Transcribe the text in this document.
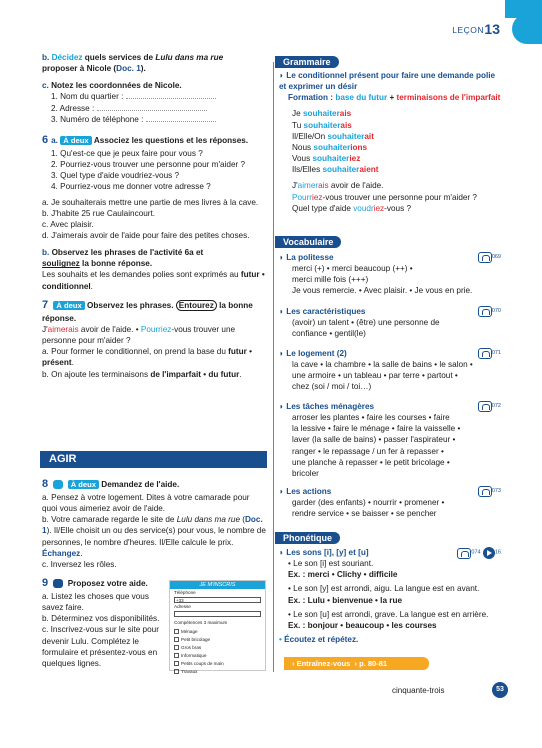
LEÇON 13
b. Décidez quels services de Lulu dans ma rue
proposer à Nicole (Doc. 1).
c. Notez les coordonnées de Nicole.
1. Nom du quartier :
2. Adresse :
3. Numéro de téléphone :
6 a. À deux Associez les questions et les réponses.
1. Qu'est-ce que je peux faire pour vous ?
2. Pourriez-vous trouver une personne pour m'aider ?
3. Quel type d'aide voudriez-vous ?
4. Pourriez-vous me donner votre adresse ?
a. Je souhaiterais mettre une partie de mes livres à la cave.
b. J'habite 25 rue Caulaincourt.
c. Avec plaisir.
d. J'aimerais avoir de l'aide pour faire des petites choses.
b. Observez les phrases de l'activité 6a et
soulignez la bonne réponse.
Les souhaits et les demandes polies sont exprimés au futur • conditionnel.
7 À deux Observez les phrases. Entourez la bonne réponse.
J'aimerais avoir de l'aide. • Pourriez-vous trouver une personne pour m'aider ?
a. Pour former le conditionnel, on prend la base du futur • présent.
b. On ajoute les terminaisons de l'imparfait • du futur.
AGIR
8	À deux Demandez de l'aide.
a. Pensez à votre logement. Dites à votre camarade pour quoi vous aimeriez avoir de l'aide.
b. Votre camarade regarde le site de Lulu dans ma rue (Doc. 1). Il/Elle choisit un ou des service(s) pour vous, le nombre de personnes, le nombre d'heures. Il/Elle calcule le prix. Échangez.
c. Inversez les rôles.
9 Proposez votre aide.
a. Listez les choses que vous savez faire.
b. Déterminez vos disponibilités.
c. Inscrivez-vous sur le site pour devenir Lulu. Complétez le formulaire et présentez-vous en quelques lignes.
JE M'INSCRIS
Téléphone
+33
Adresse
Compétences 3 maximum
Ménage
Petit bricolage
Gros bras
Informatique
Petits coups de main
Travaux
Grammaire
◗ Le conditionnel présent pour faire une demande polie et exprimer un désir
Formation : base du futur + terminaisons de l'imparfait
Je souhaiterais
Tu souhaiterais
Il/Elle/On souhaiterait
Nous souhaiterions
Vous souhaiteriez
Ils/Elles souhaiteraient
J'aimerais avoir de l'aide.
Pourriez-vous trouver une personne pour m'aider ?
Quel type d'aide voudriez-vous ?
Vocabulaire
◗ La politesse	069
merci (+) • merci beaucoup (++) •
merci mille fois (+++)
Je vous remercie. • Avec plaisir. • Je vous en prie.
◗ Les caractéristiques	070
(avoir) un talent • (être) une personne de
confiance • gentil(le)
◗ Le logement (2)	071
la cave • la chambre • la salle de bains • le salon •
une armoire • un tableau • par terre • partout •
chez (soi / moi / toi…)
◗ Les tâches ménagères	072
arroser les plantes • faire les courses • faire
la lessive • faire le ménage • faire la vaisselle •
laver (la salle de bains) • passer l'aspirateur •
ranger • le repassage / un fer à repasser •
une planche à repasser • le petit bricolage •
bricoler
◗ Les actions	073
garder (des enfants) • nourrir • promener •
rendre service • se baisser • se pencher
Phonétique
◗ Les sons [i], [y] et [u]	074	16
• Le son [i] est souriant.
Ex. : merci • Clichy • difficile
• Le son [y] est arrondi, aigu. La langue est en avant.
Ex. : Lulu • bienvenue • la rue
• Le son [u] est arrondi, grave. La langue est en arrière.
Ex. : bonjour • beaucoup • les courses
• Écoutez et répétez.
› Entraînez-vous  › p. 80-81
cinquante-trois	53
